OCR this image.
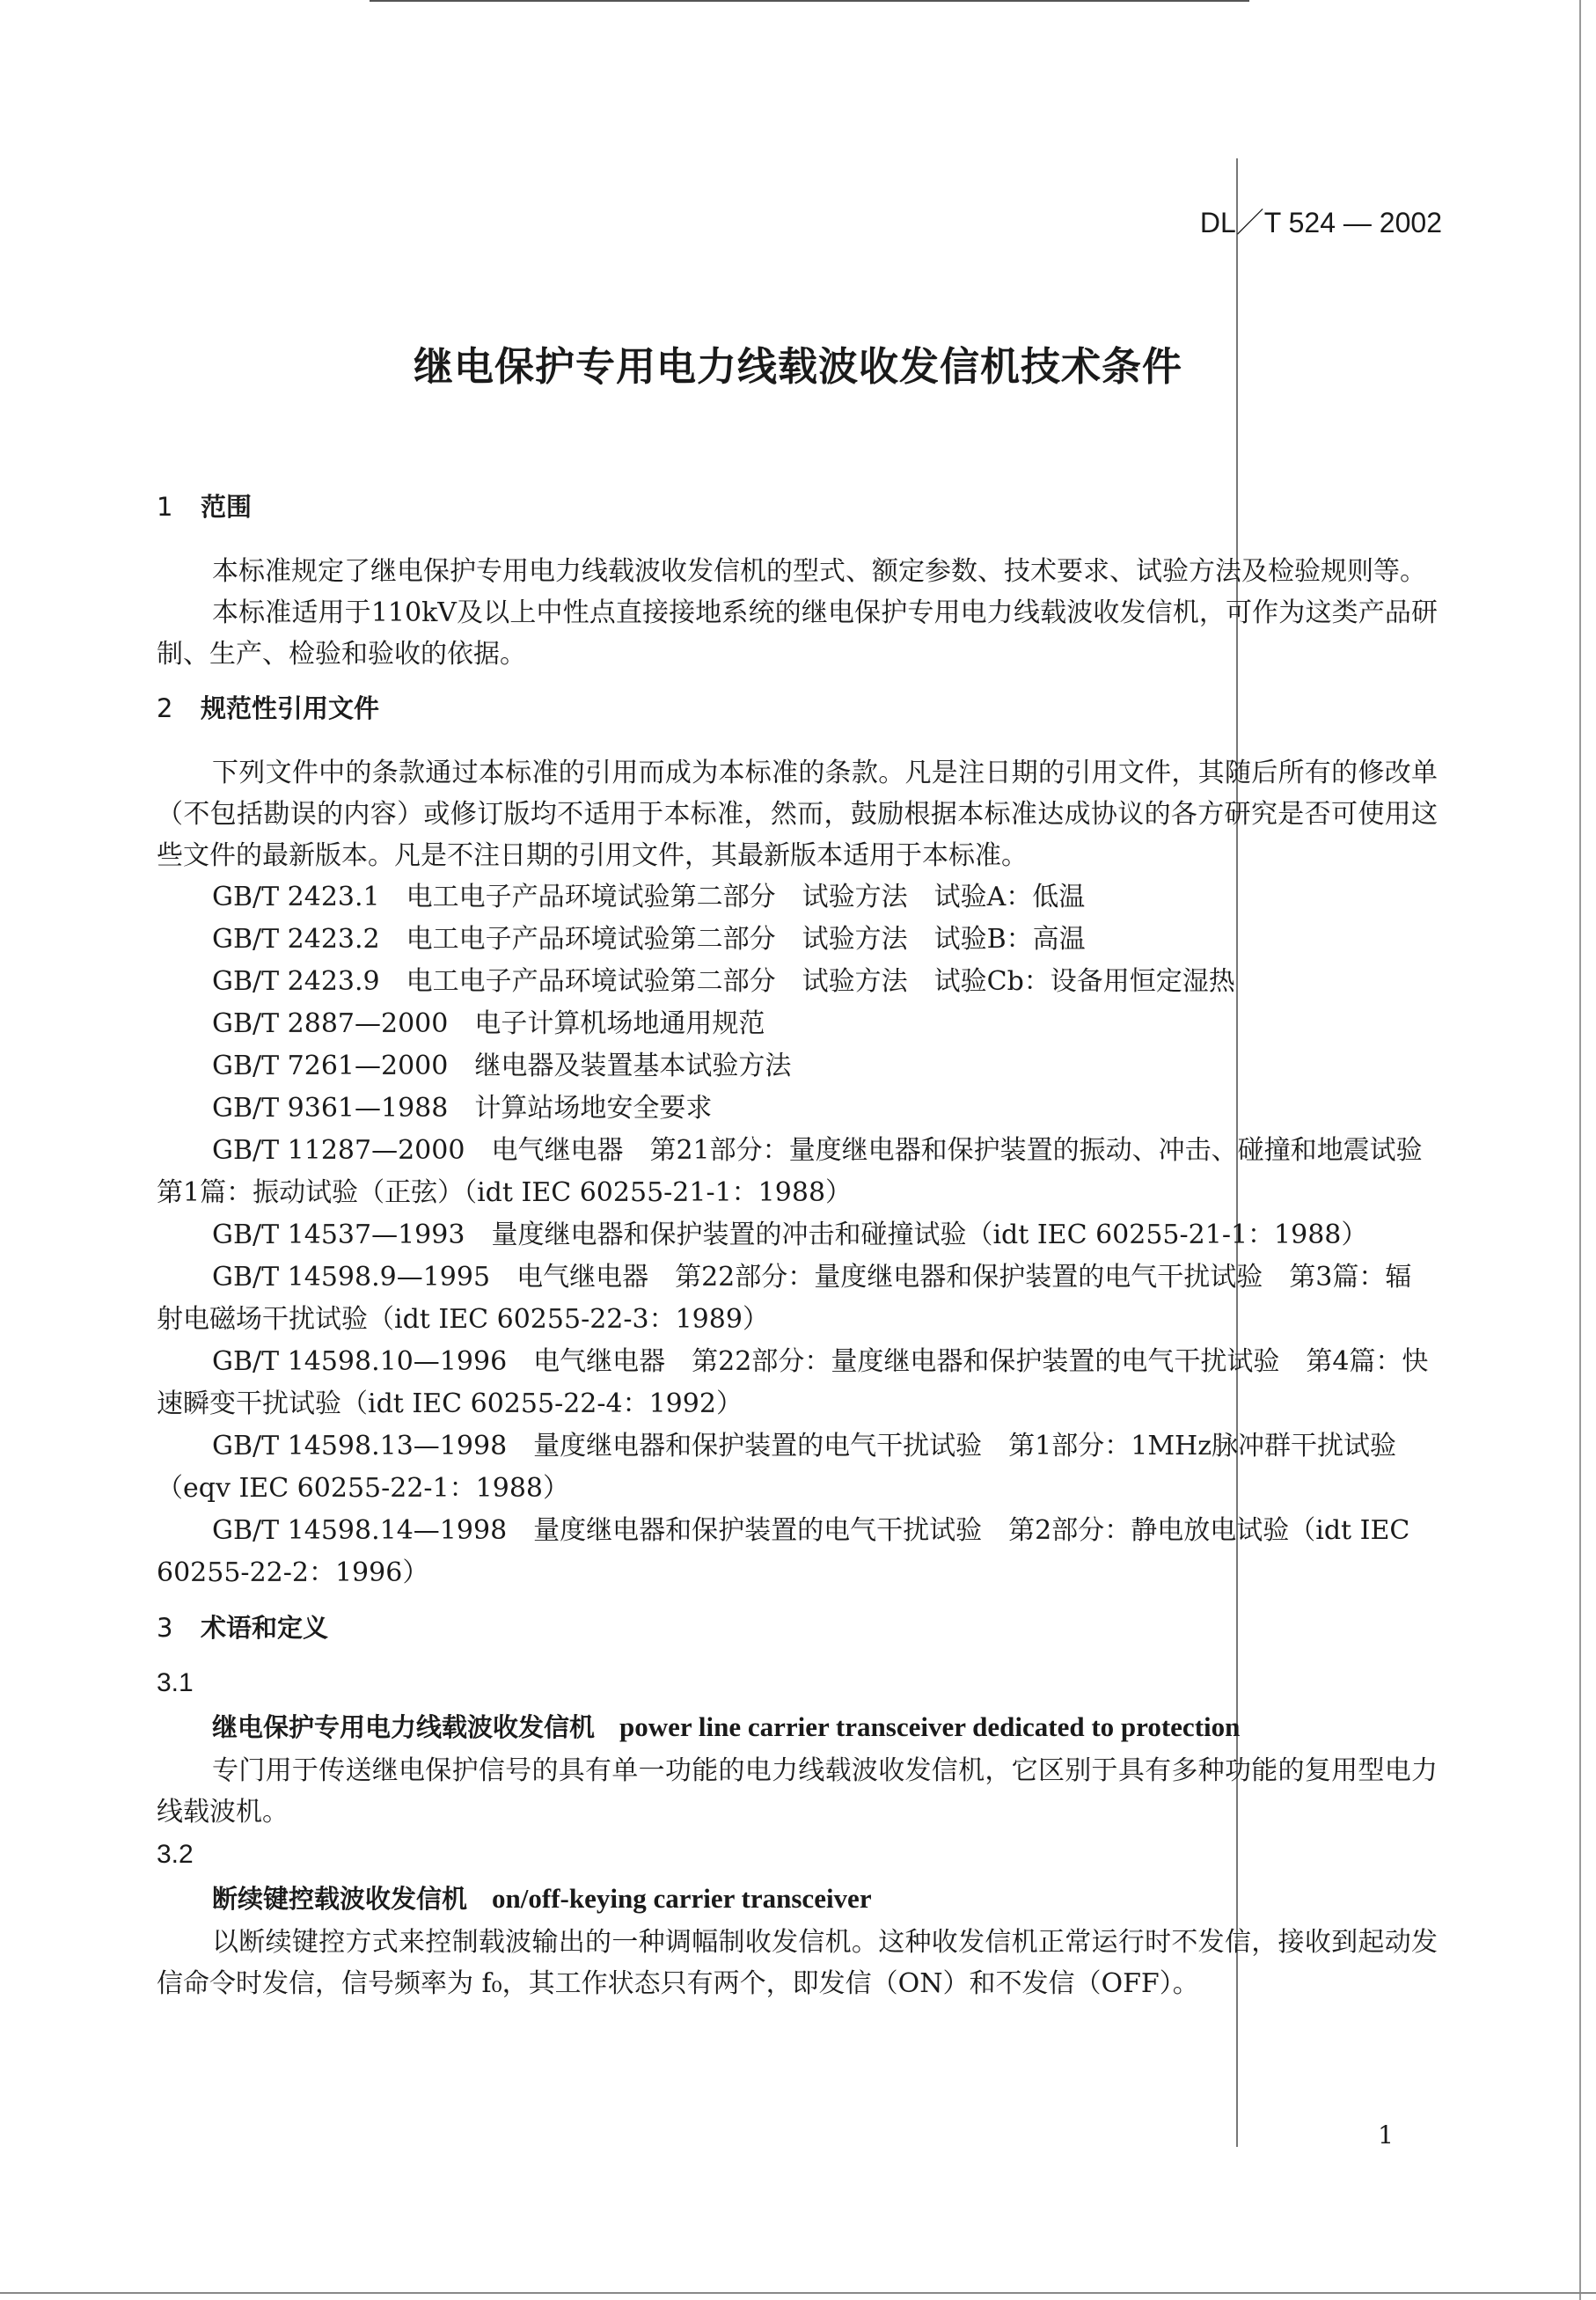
DL／T 524 — 2002
继电保护专用电力线载波收发信机技术条件
1 范围

本标准规定了继电保护专用电力线载波收发信机的型式、额定参数、技术要求、试验方法及检验规则等。

本标准适用于110kV及以上中性点直接接地系统的继电保护专用电力线载波收发信机，可作为这类产品研制、生产、检验和验收的依据。

2 规范性引用文件

下列文件中的条款通过本标准的引用而成为本标准的条款。凡是注日期的引用文件，其随后所有的修改单（不包括勘误的内容）或修订版均不适用于本标准，然而，鼓励根据本标准达成协议的各方研究是否可使用这些文件的最新版本。凡是不注日期的引用文件，其最新版本适用于本标准。

GB/T 2423.1　电工电子产品环境试验第二部分　试验方法　试验A：低温

GB/T 2423.2　电工电子产品环境试验第二部分　试验方法　试验B：高温

GB/T 2423.9　电工电子产品环境试验第二部分　试验方法　试验Cb：设备用恒定湿热

GB/T 2887—2000　电子计算机场地通用规范

GB/T 7261—2000　继电器及装置基本试验方法

GB/T 9361—1988　计算站场地安全要求

GB/T 11287—2000　电气继电器　第21部分：量度继电器和保护装置的振动、冲击、碰撞和地震试验　第1篇：振动试验（正弦）（idt IEC 60255-21-1：1988）

GB/T 14537—1993　量度继电器和保护装置的冲击和碰撞试验（idt IEC 60255-21-1：1988）

GB/T 14598.9—1995　电气继电器　第22部分：量度继电器和保护装置的电气干扰试验　第3篇：辐射电磁场干扰试验（idt IEC 60255-22-3：1989）

GB/T 14598.10—1996　电气继电器　第22部分：量度继电器和保护装置的电气干扰试验　第4篇：快速瞬变干扰试验（idt IEC 60255-22-4：1992）

GB/T 14598.13—1998　量度继电器和保护装置的电气干扰试验　第1部分：1MHz脉冲群干扰试验（eqv IEC 60255-22-1：1988）

GB/T 14598.14—1998　量度继电器和保护装置的电气干扰试验　第2部分：静电放电试验（idt IEC 60255-22-2：1996）

3 术语和定义
3.1
继电保护专用电力线载波收发信机 power line carrier transceiver dedicated to protection

专门用于传送继电保护信号的具有单一功能的电力线载波收发信机，它区别于具有多种功能的复用型电力线载波机。

3.2
断续键控载波收发信机 on/off-keying carrier transceiver

以断续键控方式来控制载波输出的一种调幅制收发信机。这种收发信机正常运行时不发信，接收到起动发信命令时发信，信号频率为 f₀，其工作状态只有两个，即发信（ON）和不发信（OFF）。

1
